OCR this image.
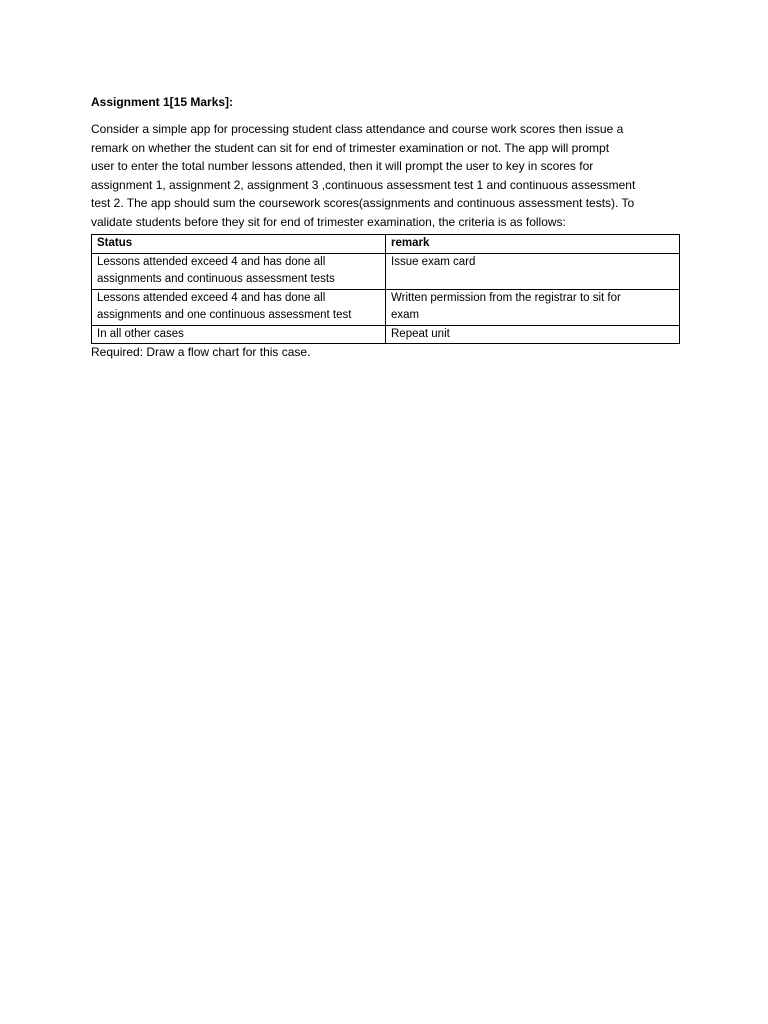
Assignment 1[15 Marks]:
Consider a simple app for processing student class attendance and course work scores then issue a
remark on whether the student can sit for end of trimester examination or not. The app will prompt
user to enter the total number lessons attended, then it will prompt the user to key in scores for
assignment 1, assignment 2, assignment 3 ,continuous assessment test 1 and continuous assessment
test 2. The app should sum the coursework scores(assignments and continuous assessment tests). To
validate students before they sit for end of trimester examination, the criteria is as follows:
Status	remark

Lessons attended exceed 4 and has done all
assignments and continuous assessment tests	Issue exam card

Lessons attended exceed 4 and has done all
assignments and one continuous assessment test	Written permission from the registrar to sit for
exam

In all other cases	Repeat unit

Required: Draw a flow chart for this case.
